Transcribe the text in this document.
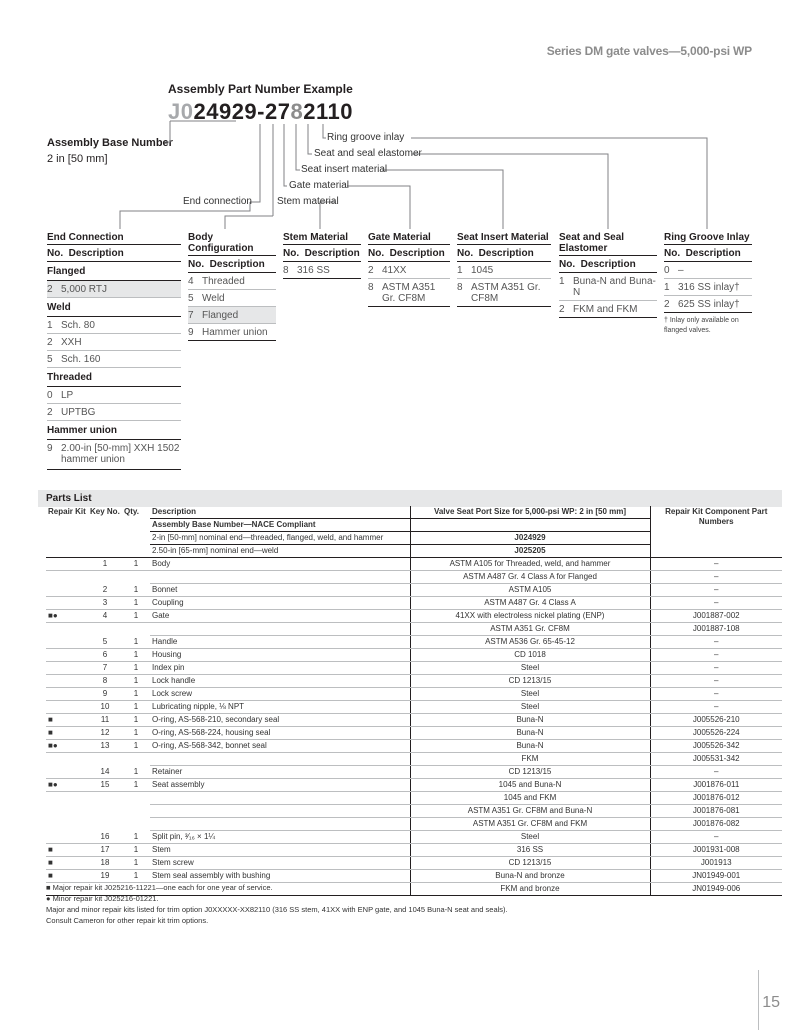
Series DM gate valves—5,000-psi WP
Assembly Part Number Example
J024929-2782110
Assembly Base Number
2 in [50 mm]
Ring groove inlay
Seat and seal elastomer
Seat insert material
Gate material
Stem material
End connection
End Connection
No. Description
Flanged
2 5,000 RTJ
Weld
1 Sch. 80
2 XXH
5 Sch. 160
Threaded
0 LP
2 UPTBG
Hammer union
9 2.00-in [50-mm] XXH 1502 hammer union
Body Configuration
No. Description
4 Threaded
5 Weld
7 Flanged
9 Hammer union
Stem Material
No. Description
8 316 SS
Gate Material
No. Description
2 41XX
8 ASTM A351 Gr. CF8M
Seat Insert Material
No. Description
1 1045
8 ASTM A351 Gr. CF8M
Seat and Seal Elastomer
No. Description
1 Buna-N and Buna-N
2 FKM and FKM
Ring Groove Inlay
No. Description
0 –
1 316 SS inlay†
2 625 SS inlay†
† Inlay only available on flanged valves.
Parts List
Repair Kit	Key No.	Qty.	Description	Valve Seat Port Size for 5,000-psi WP: 2 in [50 mm]	Repair Kit Component Part Numbers
			Assembly Base Number—NACE Compliant		
			2-in [50-mm] nominal end—threaded, flanged, weld, and hammer	J024929	
			2.50-in [65-mm] nominal end—weld	J025205	
	1	1	Body	ASTM A105 for Threaded, weld, and hammer	–
				ASTM A487 Gr. 4 Class A for Flanged	–
	2	1	Bonnet	ASTM A105	–
	3	1	Coupling	ASTM A487 Gr. 4 Class A	–
■●	4	1	Gate	41XX with electroless nickel plating (ENP)	J001887-002
				ASTM A351 Gr. CF8M	J001887-108
	5	1	Handle	ASTM A536 Gr. 65-45-12	–
	6	1	Housing	CD 1018	–
	7	1	Index pin	Steel	–
	8	1	Lock handle	CD 1213/15	–
	9	1	Lock screw	Steel	–
	10	1	Lubricating nipple, ⅛ NPT	Steel	–
■	11	1	O-ring, AS-568-210, secondary seal	Buna-N	J005526-210
■	12	1	O-ring, AS-568-224, housing seal	Buna-N	J005526-224
■●	13	1	O-ring, AS-568-342, bonnet seal	Buna-N	J005526-342
				FKM	J005531-342
	14	1	Retainer	CD 1213/15	–
■●	15	1	Seat assembly	1045 and Buna-N	J001876-011
				1045 and FKM	J001876-012
				ASTM A351 Gr. CF8M and Buna-N	J001876-081
				ASTM A351 Gr. CF8M and FKM	J001876-082
	16	1	Split pin, ³⁄₁₆ × 1¼	Steel	–
■	17	1	Stem	316 SS	J001931-008
■	18	1	Stem screw	CD 1213/15	J001913
■	19	1	Stem seal assembly with bushing	Buna-N and bronze	JN01949-001
				FKM and bronze	JN01949-006
■ Major repair kit J025216-11221—one each for one year of service.
● Minor repair kit J025216-01221.
Major and minor repair kits listed for trim option J0XXXXX-XX82110 (316 SS stem, 41XX with ENP gate, and 1045 Buna-N seat and seals).
Consult Cameron for other repair kit trim options.
15
